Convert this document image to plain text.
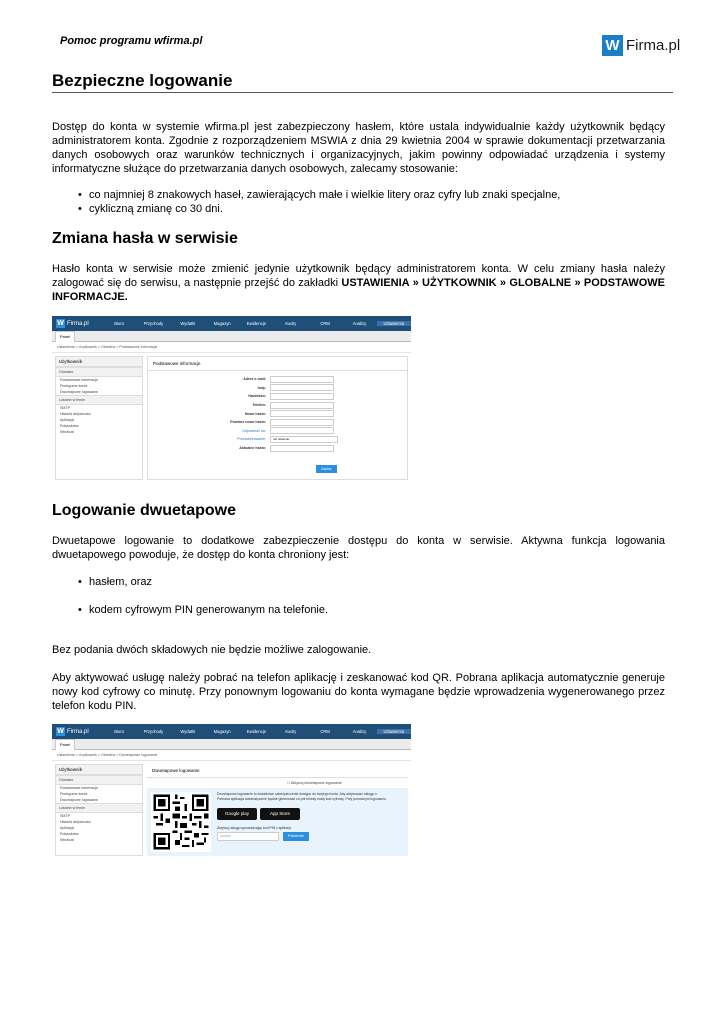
Pomoc programu wfirma.pl	W Firma.pl
Bezpieczne logowanie
Dostęp do konta w systemie wfirma.pl jest zabezpieczony hasłem, które ustala indywidualnie każdy użytkownik będący administratorem konta. Zgodnie z rozporządzeniem MSWIA z dnia 29 kwietnia 2004 w sprawie dokumentacji przetwarzania danych osobowych oraz warunków technicznych i organizacyjnych, jakim powinny odpowiadać urządzenia i systemy informatyczne służące do przetwarzania danych osobowych, zalecamy stosowanie:
• co najmniej 8 znakowych haseł, zawierających małe i wielkie litery oraz cyfry lub znaki specjalne,
• cykliczną zmianę co 30 dni.
Zmiana hasła w serwisie
Hasło konta w serwisie może zmienić jedynie użytkownik będący administratorem konta. W celu zmiany hasła należy zalogować się do serwisu, a następnie przejść do zakładki USTAWIENIA » UŻYTKOWNIK » GLOBALNE » PODSTAWOWE INFORMACJE.
W Firma.pl	Biuro	Przychody	Wydatki	Magazyn	Ewidencje	Kadry	CRM	Analizy	Ustawienia
Panel
Ustawienia > Użytkownik > Globalne > Podstawowe informacje
Użytkownik
Globalne
Podstawowe informacje
Powiązane konta
Dwuetapowe logowanie
Lokalne w firmie
SMTP
Historia aktywności
Aplikacje
Pokazikator
Windicat
Podstawowe informacje
Adres e-mail:
Imię:
Nazwisko:
Telefon:
Nowe hasło:
Powtórz nowe hasło:
Odpowiedź do:
Przeadresowanie:	raz dziennie
Aktualne hasło:
Zapisz
Logowanie dwuetapowe
Dwuetapowe logowanie to dodatkowe zabezpieczenie dostępu do konta w serwisie. Aktywna funkcja logowania dwuetapowego powoduje, że dostęp do konta chroniony jest:
• hasłem, oraz
• kodem cyfrowym PIN generowanym na telefonie.
Bez podania dwóch składowych nie będzie możliwe zalogowanie.
Aby aktywować usługę należy pobrać na telefon aplikację i zeskanować kod QR. Pobrana aplikacja automatycznie generuje nowy kod cyfrowy co minutę. Przy ponownym logowaniu do konta wymagane będzie wprowadzenia wygenerowanego przez telefon kodu PIN.
W Firma.pl	Biuro	Przychody	Wydatki	Magazyn	Ewidencje	Kadry	CRM	Analizy	Ustawienia
Panel
Ustawienia > Użytkownik > Globalne > Dwuetapowe logowanie
Użytkownik
Globalne
Podstawowe informacje
Powiązane konta
Dwuetapowe logowanie
Lokalne w firmie
SMTP
Historia aktywności
Aplikacje
Pokazikator
Windicat
Dwuetapowe logowanie
☐ Aktywuj dwuetapowe logowanie
Dwuetapowe logowanie to dodatkowe zabezpieczenie dostępu do twojego konta. Aby aktywować usługę n
Pobrana aplikacja automatycznie będzie generować co pół minuty nowy kod cyfrowy. Przy ponownym logowaniu
Google play	App Store
Aktywuj usługę wprowadzając kod PIN z aplikacji:
kod pin	Potwierdź
